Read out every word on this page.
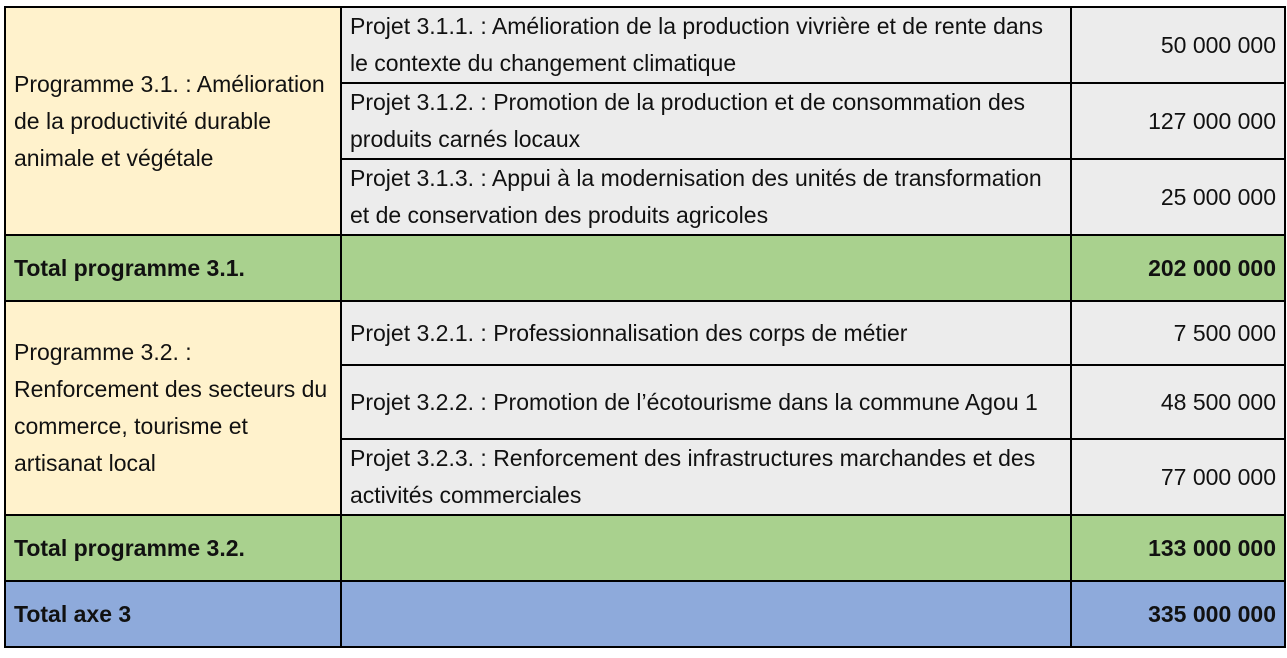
Programme 3.1. : Amélioration de la productivité durable animale et végétale	Projet 3.1.1. : Amélioration de la production vivrière et de rente dans le contexte du changement climatique	50 000 000
	Projet 3.1.2. : Promotion de la production et de consommation des produits carnés locaux	127 000 000
	Projet 3.1.3. : Appui à la modernisation des unités de transformation et de conservation des produits agricoles	25 000 000
Total programme 3.1.		202 000 000
Programme 3.2. : Renforcement des secteurs du commerce, tourisme et artisanat local	Projet 3.2.1. : Professionnalisation des corps de métier	7 500 000
	Projet 3.2.2. : Promotion de l’écotourisme dans la commune Agou 1	48 500 000
	Projet 3.2.3. : Renforcement des infrastructures marchandes et des activités commerciales	77 000 000
Total programme 3.2.		133 000 000
Total axe 3		335 000 000
